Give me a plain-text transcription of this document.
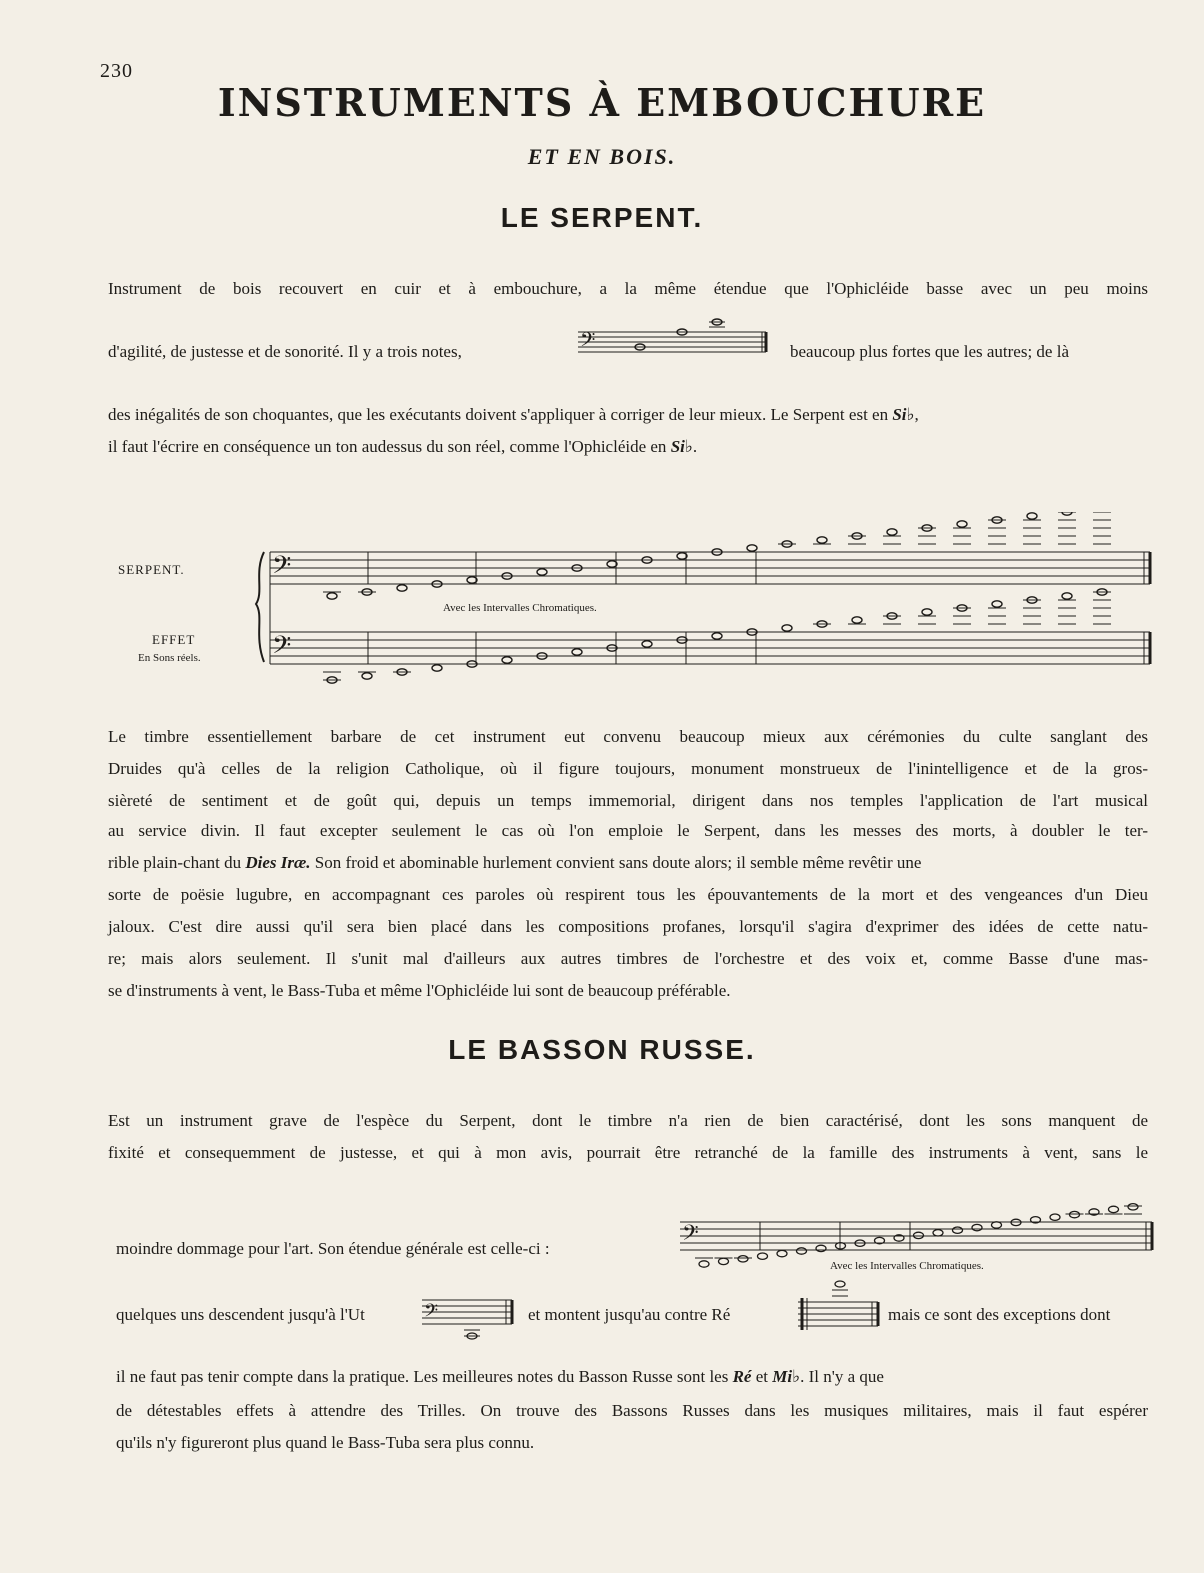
230
INSTRUMENTS À EMBOUCHURE
ET EN BOIS.
LE SERPENT.
Instrument de bois recouvert en cuir et à embouchure, a la même étendue que l'Ophicléide basse avec un peu moins
d'agilité, de justesse et de sonorité. Il y a trois notes,	𝄢	beaucoup plus fortes que les autres; de là
des inégalités de son choquantes, que les exécutants doivent s'appliquer à corriger de leur mieux. Le Serpent est en Si♭,
il faut l'écrire en conséquence un ton audessus du son réel, comme l'Ophicléide en Si♭.
SERPENT.
EFFET
En Sons réels.
𝄢
𝄢
Avec les Intervalles Chromatiques.
Le timbre essentiellement barbare de cet instrument eut convenu beaucoup mieux aux cérémonies du culte sanglant des
Druides qu'à celles de la religion Catholique, où il figure toujours, monument monstrueux de l'inintelligence et de la gros-
sièreté de sentiment et de goût qui, depuis un temps immemorial, dirigent dans nos temples l'application de l'art musical
au service divin. Il faut excepter seulement le cas où l'on emploie le Serpent, dans les messes des morts, à doubler le ter-
rible plain-chant du Dies Iræ. Son froid et abominable hurlement convient sans doute alors; il semble même revêtir une
sorte de poësie lugubre, en accompagnant ces paroles où respirent tous les épouvantements de la mort et des vengeances d'un Dieu
jaloux. C'est dire aussi qu'il sera bien placé dans les compositions profanes, lorsqu'il s'agira d'exprimer des idées de cette natu-
re; mais alors seulement. Il s'unit mal d'ailleurs aux autres timbres de l'orchestre et des voix et, comme Basse d'une mas-
se d'instruments à vent, le Bass-Tuba et même l'Ophicléide lui sont de beaucoup préférable.
LE BASSON RUSSE.
Est un instrument grave de l'espèce du Serpent, dont le timbre n'a rien de bien caractérisé, dont les sons manquent de
fixité et consequemment de justesse, et qui à mon avis, pourrait être retranché de la famille des instruments à vent, sans le
moindre dommage pour l'art. Son étendue générale est celle-ci :	𝄢
Avec les Intervalles Chromatiques.
quelques uns descendent jusqu'à l'Ut	𝄢	et montent jusqu'au contre Ré	mais ce sont des exceptions dont
il ne faut pas tenir compte dans la pratique. Les meilleures notes du Basson Russe sont les Ré et Mi♭. Il n'y a que
de détestables effets à attendre des Trilles. On trouve des Bassons Russes dans les musiques militaires, mais il faut espérer
qu'ils n'y figureront plus quand le Bass-Tuba sera plus connu.
